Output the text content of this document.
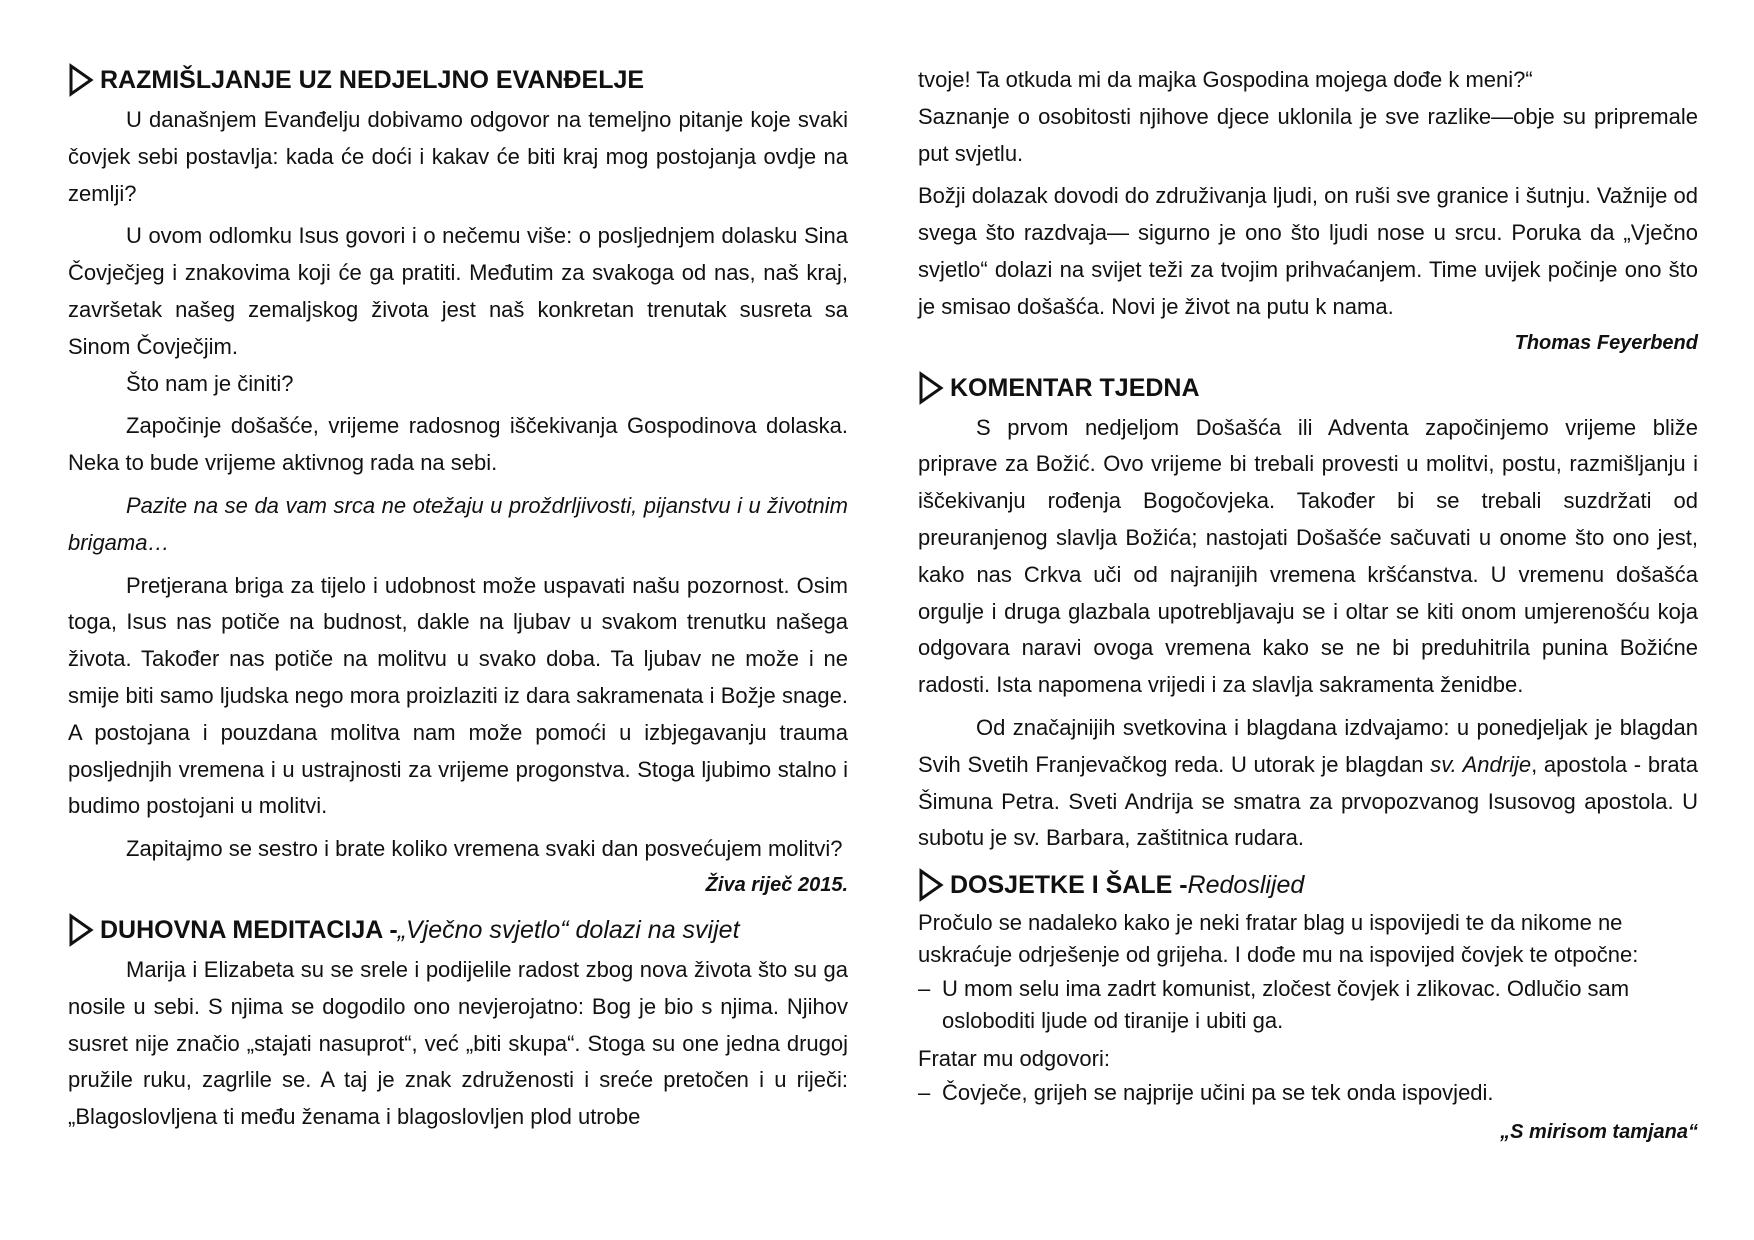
RAZMIŠLJANJE UZ NEDJELJNO EVANĐELJE

U današnjem Evanđelju dobivamo odgovor na temeljno pitanje koje svaki čovjek sebi postavlja: kada će doći i kakav će biti kraj mog postojanja ovdje na zemlji?

U ovom odlomku Isus govori i o nečemu više: o posljednjem dolasku Sina Čovječjeg i znakovima koji će ga pratiti. Međutim za svakoga od nas, naš kraj, završetak našeg zemaljskog života jest naš konkretan trenutak susreta sa Sinom Čovječjim.

Što nam je činiti?

Započinje došašće, vrijeme radosnog iščekivanja Gospodinova dolaska. Neka to bude vrijeme aktivnog rada na sebi.

Pazite na se da vam srca ne otežaju u proždrljivosti, pijanstvu i u životnim brigama…

Pretjerana briga za tijelo i udobnost može uspavati našu pozornost. Osim toga, Isus nas potiče na budnost, dakle na ljubav u svakom trenutku našega života. Također nas potiče na molitvu u svako doba. Ta ljubav ne može i ne smije biti samo ljudska nego mora proizlaziti iz dara sakramenata i Božje snage. A postojana i pouzdana molitva nam može pomoći u izbjegavanju trauma posljednjih vremena i u ustrajnosti za vrijeme progonstva. Stoga ljubimo stalno i budimo postojani u molitvi.

Zapitajmo se sestro i brate koliko vremena svaki dan posvećujem molitvi?

Živa riječ 2015.

DUHOVNA MEDITACIJA - „Vječno svjetlo“ dolazi na svijet

Marija i Elizabeta su se srele i podijelile radost zbog nova života što su ga nosile u sebi. S njima se dogodilo ono nevjerojatno: Bog je bio s njima. Njihov susret nije značio „stajati nasuprot“, već „biti skupa“. Stoga su one jedna drugoj pružile ruku, zagrlile se. A taj je znak združenosti i sreće pretočen i u riječi: „Blagoslovljena ti među ženama i blagoslovljen plod utrobe

tvoje! Ta otkuda mi da majka Gospodina mojega dođe k meni?“

Saznanje o osobitosti njihove djece uklonila je sve razlike—obje su pripremale put svjetlu.

Božji dolazak dovodi do združivanja ljudi, on ruši sve granice i šutnju. Važnije od svega što razdvaja— sigurno je ono što ljudi nose u srcu. Poruka da „Vječno svjetlo“ dolazi na svijet teži za tvojim prihvaćanjem. Time uvijek počinje ono što je smisao došašća. Novi je život na putu k nama.

Thomas Feyerbend

KOMENTAR TJEDNA

S prvom nedjeljom Došašća ili Adventa započinjemo vrijeme bliže priprave za Božić. Ovo vrijeme bi trebali provesti u molitvi, postu, razmišljanju i iščekivanju rođenja Bogočovjeka. Također bi se trebali suzdržati od preuranjenog slavlja Božića; nastojati Došašće sačuvati u onome što ono jest, kako nas Crkva uči od najranijih vremena kršćanstva. U vremenu došašća orgulje i druga glazbala upotrebljavaju se i oltar se kiti onom umjerenošću koja odgovara naravi ovoga vremena kako se ne bi preduhitrila punina Božićne radosti. Ista napomena vrijedi i za slavlja sakramenta ženidbe.

Od značajnijih svetkovina i blagdana izdvajamo: u ponedjeljak je blagdan Svih Svetih Franjevačkog reda. U utorak je blagdan sv. Andrije, apostola - brata Šimuna Petra. Sveti Andrija se smatra za prvopozvanog Isusovog apostola. U subotu je sv. Barbara, zaštitnica rudara.

DOSJETKE I ŠALE - Redoslijed

Pročulo se nadaleko kako je neki fratar blag u ispovijedi te da nikome ne uskraćuje odrješenje od grijeha. I dođe mu na ispovijed čovjek te otpočne:

– U mom selu ima zadrt komunist, zločest čovjek i zlikovac. Odlučio sam osloboditi ljude od tiranije i ubiti ga.

Fratar mu odgovori:

– Čovječe, grijeh se najprije učini pa se tek onda ispovjedi.

„S mirisom tamjana“
